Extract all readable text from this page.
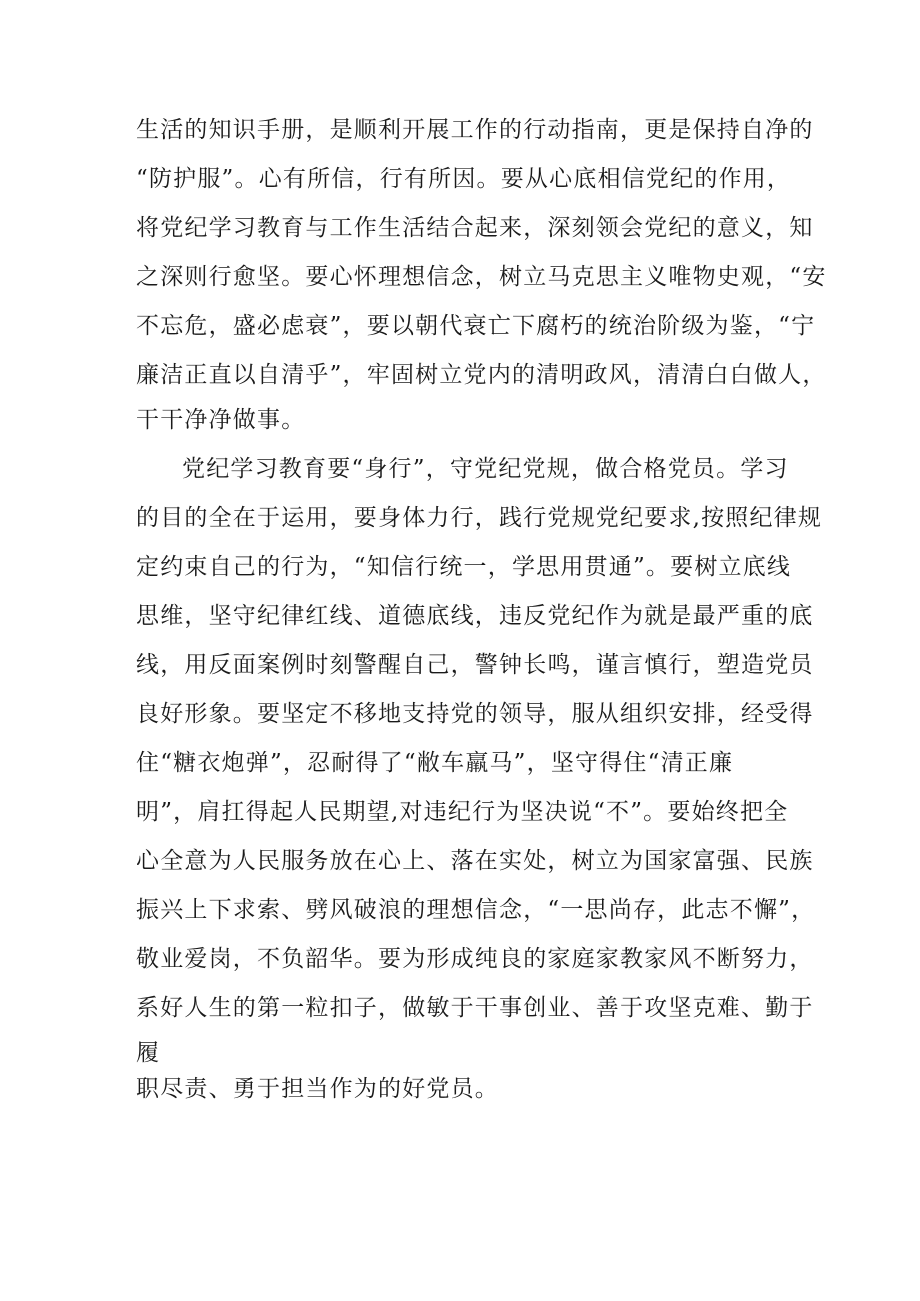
生活的知识手册，是顺利开展工作的行动指南，更是保持自净的
“防护服”。心有所信，行有所因。要从心底相信党纪的作用，
将党纪学习教育与工作生活结合起来，深刻领会党纪的意义，知
之深则行愈坚。要心怀理想信念，树立马克思主义唯物史观，“安
不忘危，盛必虑衰”，要以朝代衰亡下腐朽的统治阶级为鉴，“宁
廉洁正直以自清乎”，牢固树立党内的清明政风，清清白白做人，
干干净净做事。
党纪学习教育要“身行”，守党纪党规，做合格党员。学习
的目的全在于运用，要身体力行，践行党规党纪要求,按照纪律规
定约束自己的行为，“知信行统一，学思用贯通”。要树立底线
思维，坚守纪律红线、道德底线，违反党纪作为就是最严重的底
线，用反面案例时刻警醒自己，警钟长鸣，谨言慎行，塑造党员
良好形象。要坚定不移地支持党的领导，服从组织安排，经受得
住“糖衣炮弹”，忍耐得了“敝车羸马”，坚守得住“清正廉
明”，肩扛得起人民期望,对违纪行为坚决说“不”。要始终把全
心全意为人民服务放在心上、落在实处，树立为国家富强、民族
振兴上下求索、劈风破浪的理想信念，“一思尚存，此志不懈”，
敬业爱岗，不负韶华。要为形成纯良的家庭家教家风不断努力，
系好人生的第一粒扣子，做敏于干事创业、善于攻坚克难、勤于
履
职尽责、勇于担当作为的好党员。
